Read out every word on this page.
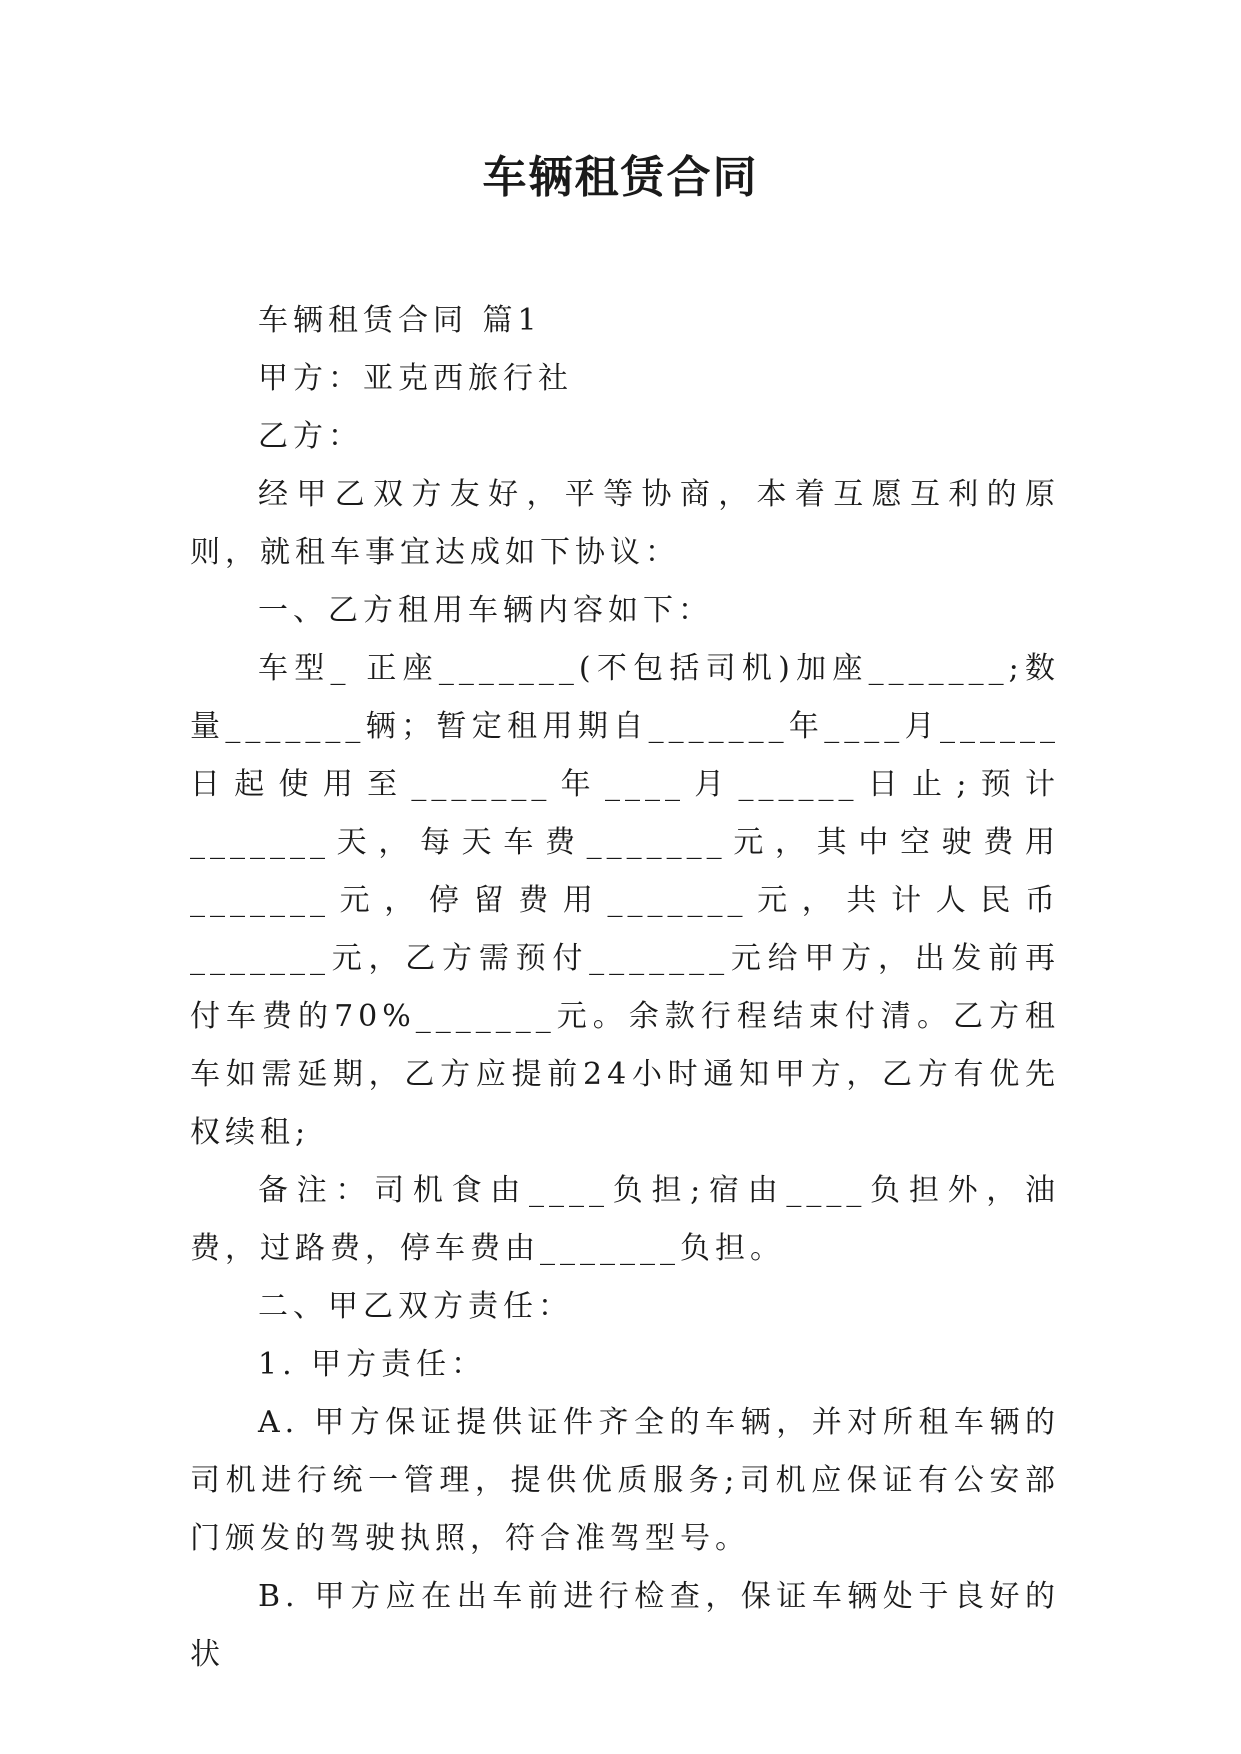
车辆租赁合同

车辆租赁合同 篇1

甲方：亚克西旅行社

乙方：

经甲乙双方友好，平等协商，本着互愿互利的原则，就租车事宜达成如下协议：

一、乙方租用车辆内容如下：

车型_ 正座_______(不包括司机)加座_______;数量_______辆；暂定租用期自_______年____月______日起使用至_______年____月______日止;预计_______天，每天车费_______元，其中空驶费用_______元，停留费用_______元，共计人民币_______元，乙方需预付_______元给甲方，出发前再付车费的70%_______元。余款行程结束付清。乙方租车如需延期，乙方应提前24小时通知甲方，乙方有优先权续租;

备注：司机食由____负担;宿由____负担外，油费，过路费，停车费由_______负担。

二、甲乙双方责任：

1. 甲方责任：

A. 甲方保证提供证件齐全的车辆，并对所租车辆的司机进行统一管理，提供优质服务;司机应保证有公安部门颁发的驾驶执照，符合准驾型号。

B. 甲方应在出车前进行检查，保证车辆处于良好的状
